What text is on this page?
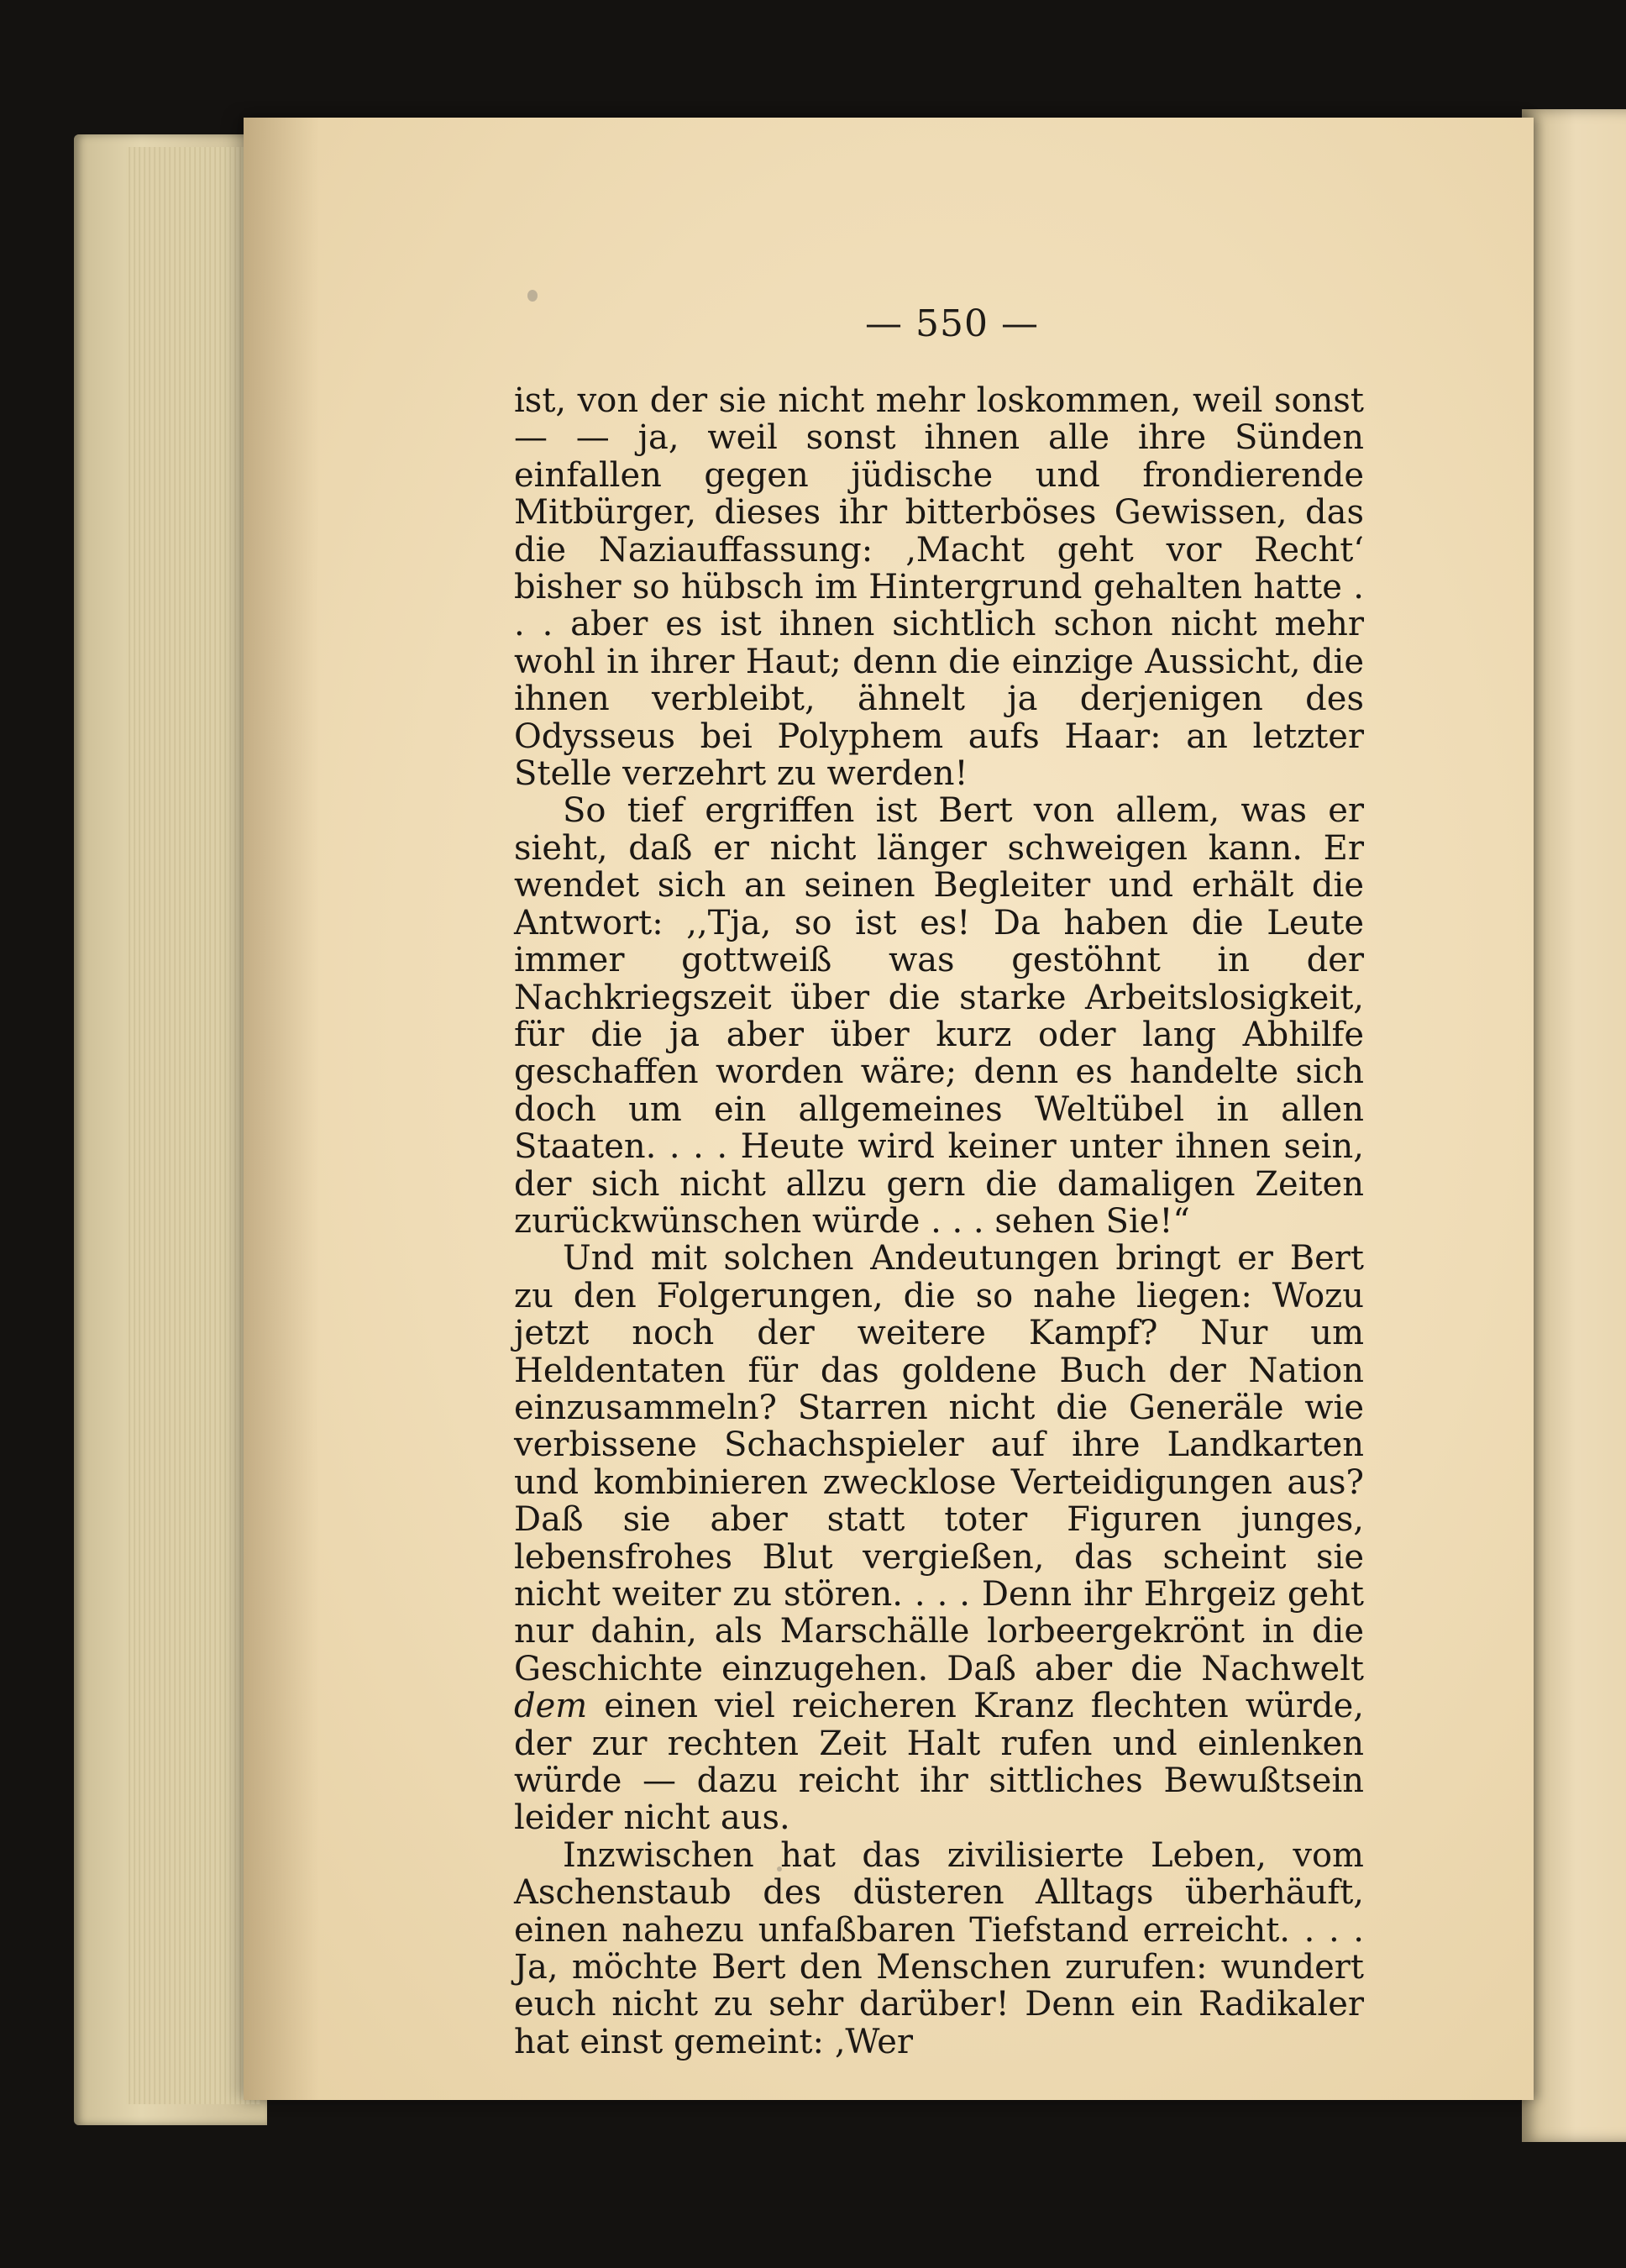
— 550 —

ist, von der sie nicht mehr loskommen, weil sonst — — ja, weil sonst ihnen alle ihre Sünden einfallen gegen jüdische und frondierende Mitbürger, dieses ihr bitterböses Gewissen, das die Naziauffassung: ‚Macht geht vor Recht‘ bisher so hübsch im Hintergrund gehalten hatte . . . aber es ist ihnen sichtlich schon nicht mehr wohl in ihrer Haut; denn die einzige Aussicht, die ihnen verbleibt, ähnelt ja derjenigen des Odysseus bei Polyphem aufs Haar: an letzter Stelle verzehrt zu werden!

So tief ergriffen ist Bert von allem, was er sieht, daß er nicht länger schweigen kann. Er wendet sich an seinen Begleiter und erhält die Antwort: ,,Tja, so ist es! Da haben die Leute immer gottweiß was gestöhnt in der Nachkriegszeit über die starke Arbeitslosigkeit, für die ja aber über kurz oder lang Abhilfe geschaffen worden wäre; denn es handelte sich doch um ein allgemeines Weltübel in allen Staaten. . . . Heute wird keiner unter ihnen sein, der sich nicht allzu gern die damaligen Zeiten zurückwünschen würde . . . sehen Sie!“

Und mit solchen Andeutungen bringt er Bert zu den Folgerungen, die so nahe liegen: Wozu jetzt noch der weitere Kampf? Nur um Heldentaten für das goldene Buch der Nation einzusammeln? Starren nicht die Generäle wie verbissene Schachspieler auf ihre Landkarten und kombinieren zwecklose Verteidigungen aus? Daß sie aber statt toter Figuren junges, lebensfrohes Blut vergießen, das scheint sie nicht weiter zu stören. . . . Denn ihr Ehrgeiz geht nur dahin, als Marschälle lorbeergekrönt in die Geschichte einzugehen. Daß aber die Nachwelt dem einen viel reicheren Kranz flechten würde, der zur rechten Zeit Halt rufen und einlenken würde — dazu reicht ihr sittliches Bewußtsein leider nicht aus.

Inzwischen hat das zivilisierte Leben, vom Aschenstaub des düsteren Alltags überhäuft, einen nahezu unfaßbaren Tiefstand erreicht. . . . Ja, möchte Bert den Menschen zurufen: wundert euch nicht zu sehr darüber! Denn ein Radikaler hat einst gemeint: ‚Wer
